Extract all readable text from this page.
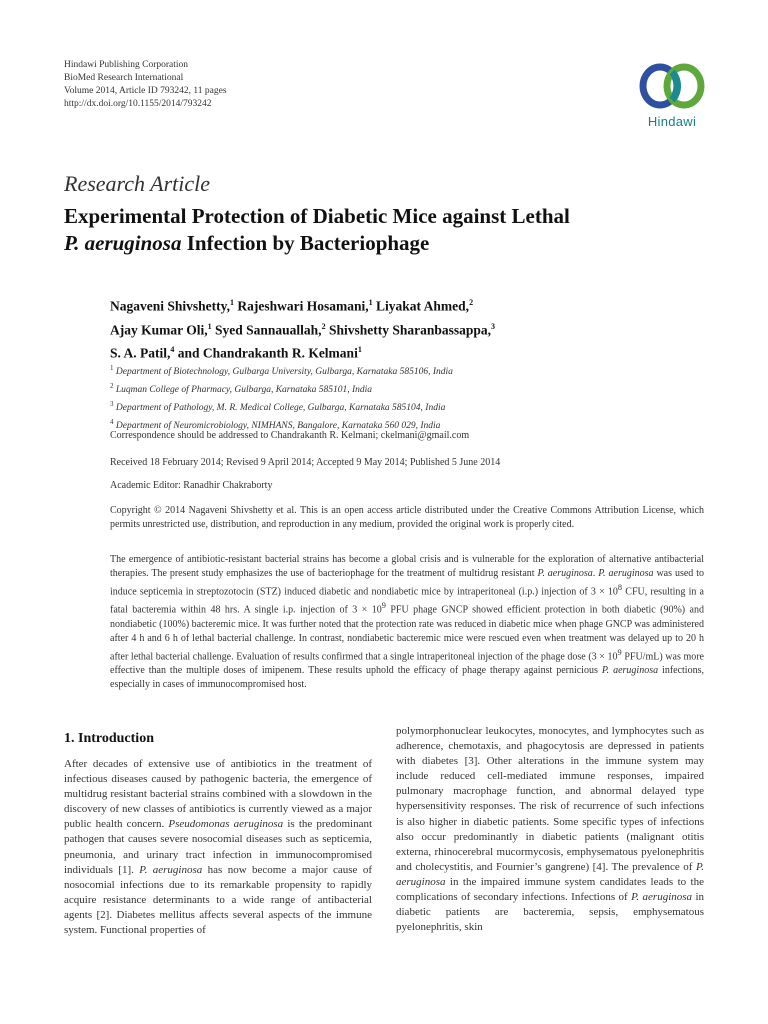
Hindawi Publishing Corporation
BioMed Research International
Volume 2014, Article ID 793242, 11 pages
http://dx.doi.org/10.1155/2014/793242
Hindawi
Research Article
Experimental Protection of Diabetic Mice against Lethal
P. aeruginosa Infection by Bacteriophage
Nagaveni Shivshetty,$^1$ Rajeshwari Hosamani,$^1$ Liyakat Ahmed,$^2$
Ajay Kumar Oli,$^1$ Syed Sannauallah,$^2$ Shivshetty Sharanbassappa,$^3$
S. A. Patil,$^4$ and Chandrakanth R. Kelmani$^1$
$^1$ Department of Biotechnology, Gulbarga University, Gulbarga, Karnataka 585106, India
$^2$ Luqman College of Pharmacy, Gulbarga, Karnataka 585101, India
$^3$ Department of Pathology, M. R. Medical College, Gulbarga, Karnataka 585104, India
$^4$ Department of Neuromicrobiology, NIMHANS, Bangalore, Karnataka 560 029, India
Correspondence should be addressed to Chandrakanth R. Kelmani; ckelmani@gmail.com
Received 18 February 2014; Revised 9 April 2014; Accepted 9 May 2014; Published 5 June 2014
Academic Editor: Ranadhir Chakraborty
Copyright © 2014 Nagaveni Shivshetty et al. This is an open access article distributed under the Creative Commons Attribution License, which permits unrestricted use, distribution, and reproduction in any medium, provided the original work is properly cited.
The emergence of antibiotic-resistant bacterial strains has become a global crisis and is vulnerable for the exploration of alternative antibacterial therapies. The present study emphasizes the use of bacteriophage for the treatment of multidrug resistant P. aeruginosa. P. aeruginosa was used to induce septicemia in streptozotocin (STZ) induced diabetic and nondiabetic mice by intraperitoneal (i.p.) injection of $3 \times 10^8$ CFU, resulting in a fatal bacteremia within 48 hrs. A single i.p. injection of $3 \times 10^9$ PFU phage GNCP showed efficient protection in both diabetic (90%) and nondiabetic (100%) bacteremic mice. It was further noted that the protection rate was reduced in diabetic mice when phage GNCP was administered after 4 h and 6 h of lethal bacterial challenge. In contrast, nondiabetic bacteremic mice were rescued even when treatment was delayed up to 20 h after lethal bacterial challenge. Evaluation of results confirmed that a single intraperitoneal injection of the phage dose ($3 \times 10^9$ PFU/mL) was more effective than the multiple doses of imipenem. These results uphold the efficacy of phage therapy against pernicious P. aeruginosa infections, especially in cases of immunocompromised host.
1. Introduction
After decades of extensive use of antibiotics in the treatment of infectious diseases caused by pathogenic bacteria, the emergence of multidrug resistant bacterial strains combined with a slowdown in the discovery of new classes of antibiotics is currently viewed as a major public health concern. Pseudomonas aeruginosa is the predominant pathogen that causes severe nosocomial diseases such as septicemia, pneumonia, and urinary tract infection in immunocompromised individuals [1]. P. aeruginosa has now become a major cause of nosocomial infections due to its remarkable propensity to rapidly acquire resistance determinants to a wide range of antibacterial agents [2]. Diabetes mellitus affects several aspects of the immune system. Functional properties of
polymorphonuclear leukocytes, monocytes, and lymphocytes such as adherence, chemotaxis, and phagocytosis are depressed in patients with diabetes [3]. Other alterations in the immune system may include reduced cell-mediated immune responses, impaired pulmonary macrophage function, and abnormal delayed type hypersensitivity responses. The risk of recurrence of such infections is also higher in diabetic patients. Some specific types of infections also occur predominantly in diabetic patients (malignant otitis externa, rhinocerebral mucormycosis, emphysematous pyelonephritis and cholecystitis, and Fournier’s gangrene) [4]. The prevalence of P. aeruginosa in the impaired immune system candidates leads to the complications of secondary infections. Infections of P. aeruginosa in diabetic patients are bacteremia, sepsis, emphysematous pyelonephritis, skin
